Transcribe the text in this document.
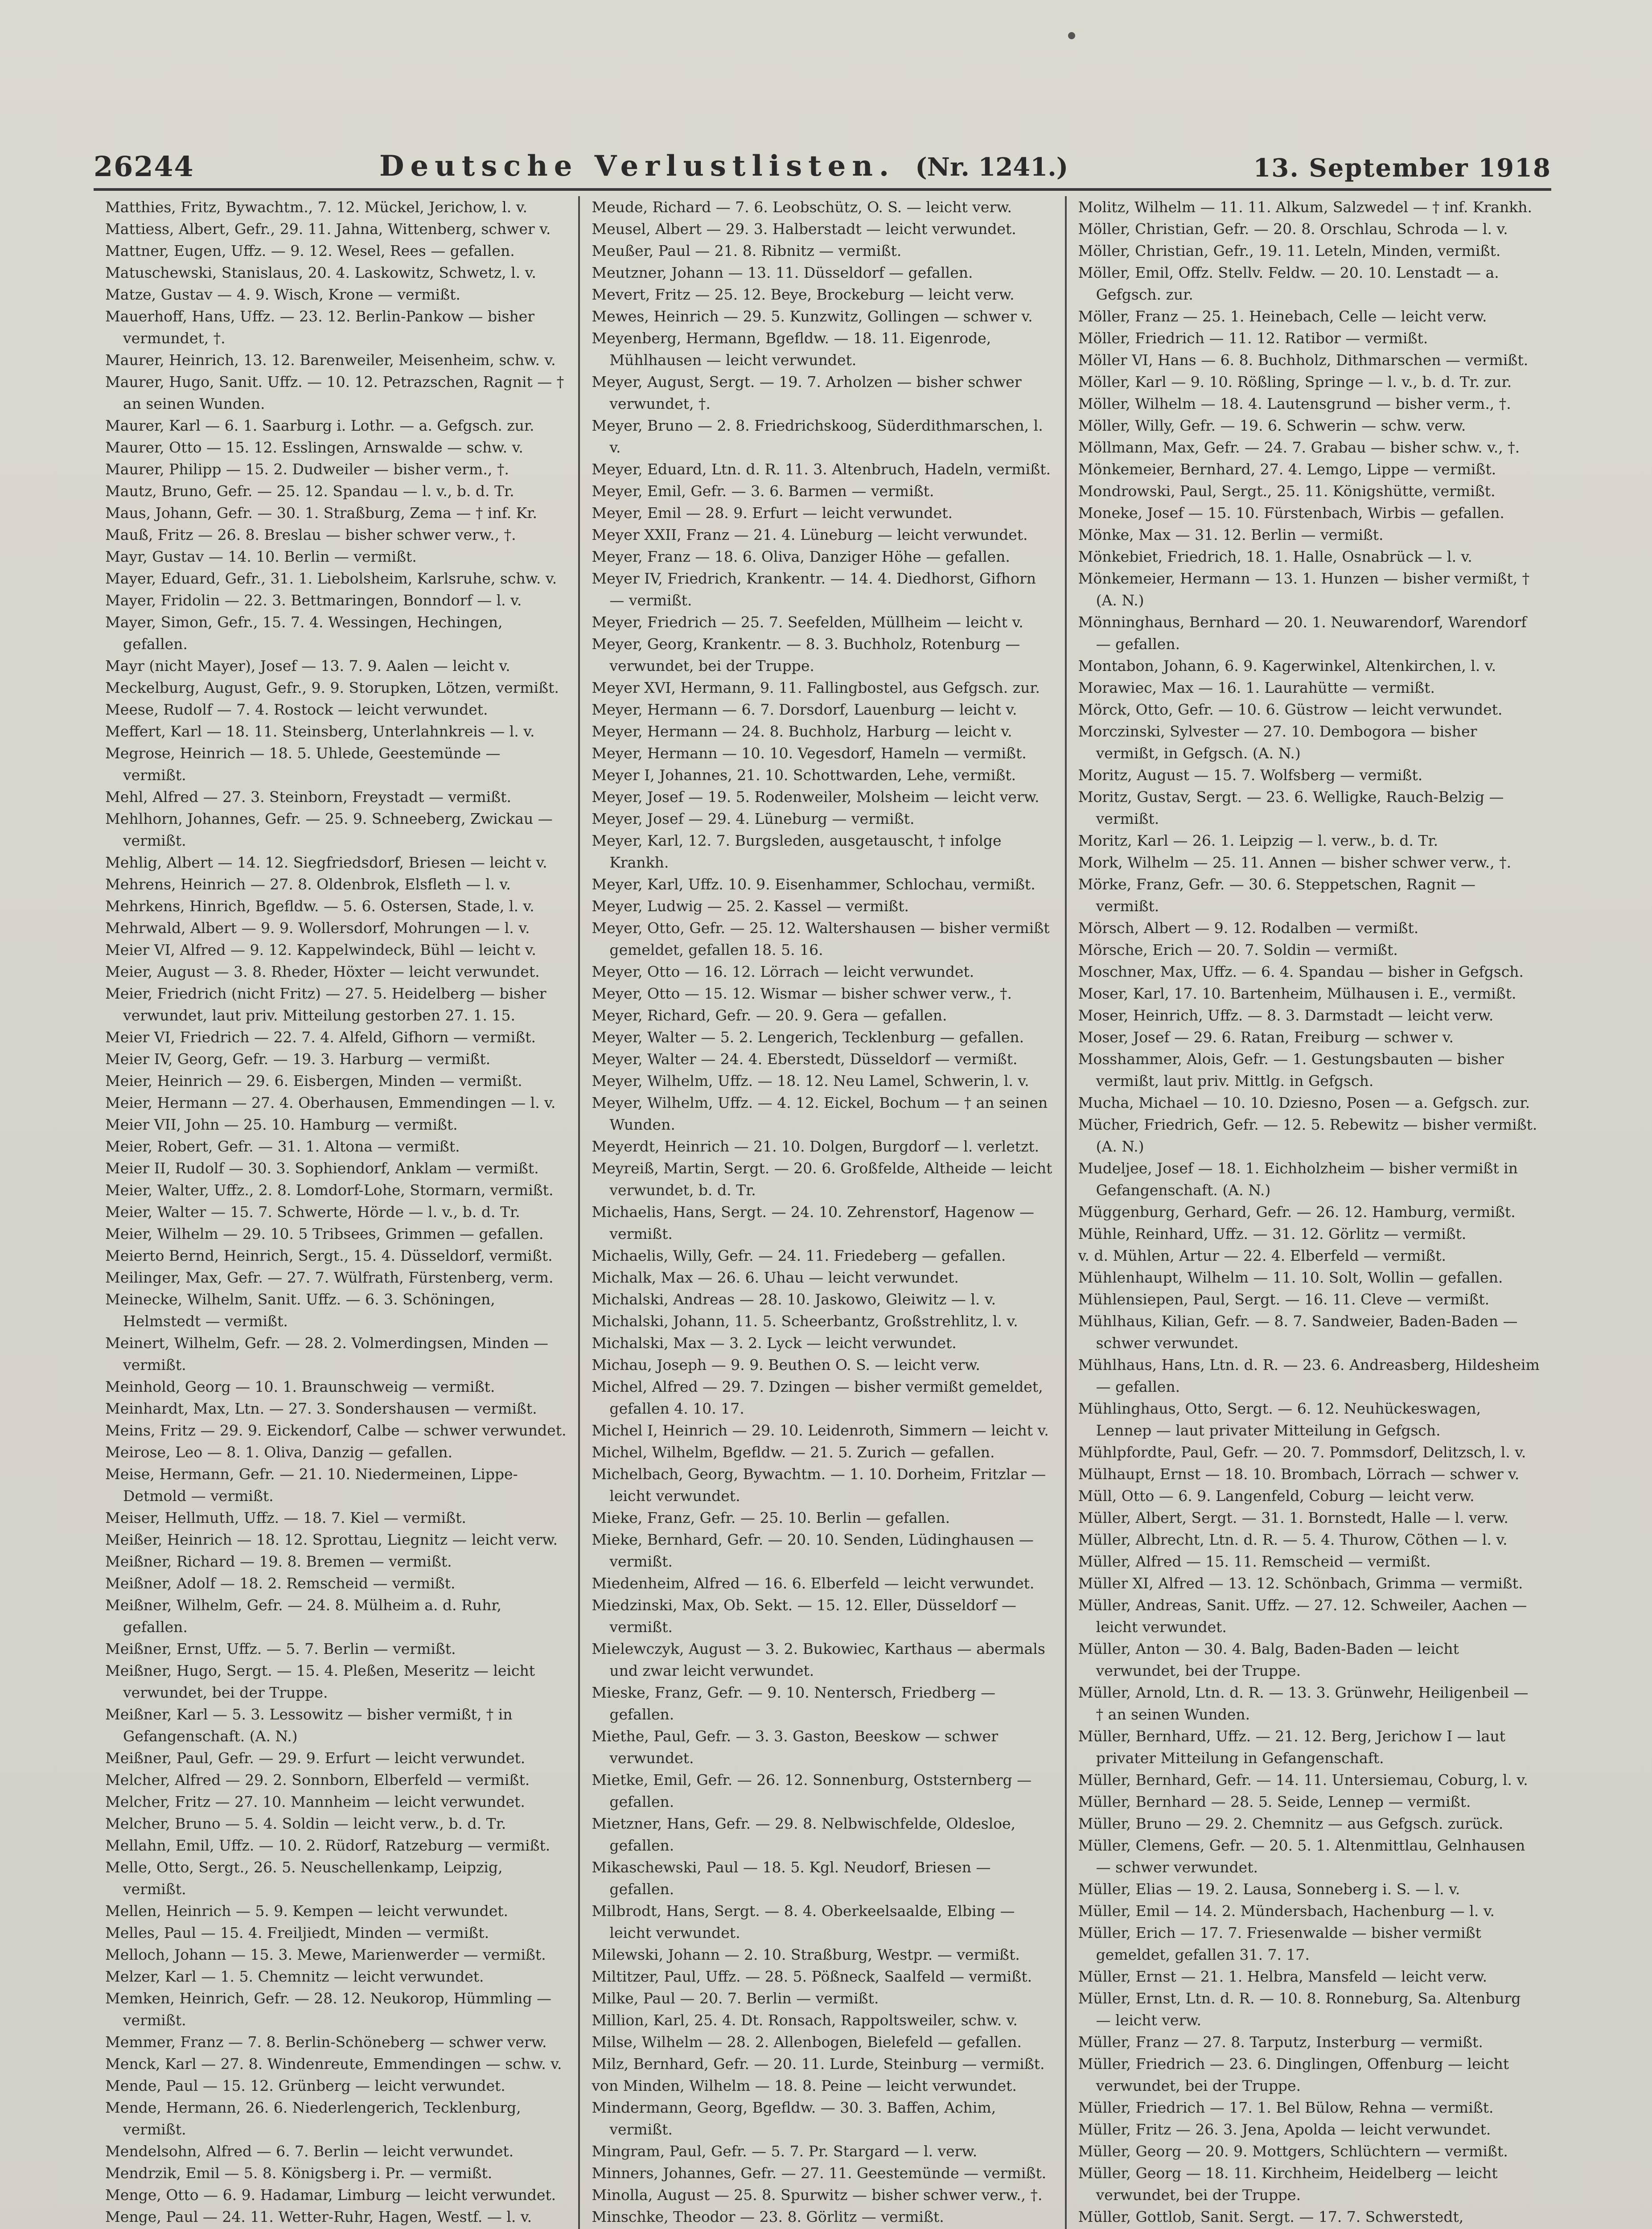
26244	Deutsche Verlustlisten. (Nr. 1241.)	13. September 1918
Matthies, Fritz, Bywachtm., 7. 12. Mückel, Jerichow, l. v.
Mattiess, Albert, Gefr., 29. 11. Jahna, Wittenberg, schwer v.
Mattner, Eugen, Uffz. — 9. 12. Wesel, Rees — gefallen.
Matuschewski, Stanislaus, 20. 4. Laskowitz, Schwetz, l. v.
Matze, Gustav — 4. 9. Wisch, Krone — vermißt.
Mauerhoff, Hans, Uffz. — 23. 12. Berlin-Pankow — bisher vermundet, †.
Maurer, Heinrich, 13. 12. Barenweiler, Meisenheim, schw. v.
Maurer, Hugo, Sanit. Uffz. — 10. 12. Petrazschen, Ragnit — † an seinen Wunden.
Maurer, Karl — 6. 1. Saarburg i. Lothr. — a. Gefgsch. zur.
Maurer, Otto — 15. 12. Esslingen, Arnswalde — schw. v.
Maurer, Philipp — 15. 2. Dudweiler — bisher verm., †.
Mautz, Bruno, Gefr. — 25. 12. Spandau — l. v., b. d. Tr.
Maus, Johann, Gefr. — 30. 1. Straßburg, Zema — † inf. Kr.
Mauß, Fritz — 26. 8. Breslau — bisher schwer verw., †.
Mayr, Gustav — 14. 10. Berlin — vermißt.
Mayer, Eduard, Gefr., 31. 1. Liebolsheim, Karlsruhe, schw. v.
Mayer, Fridolin — 22. 3. Bettmaringen, Bonndorf — l. v.
Mayer, Simon, Gefr., 15. 7. 4. Wessingen, Hechingen, gefallen.
Mayr (nicht Mayer), Josef — 13. 7. 9. Aalen — leicht v.
Meckelburg, August, Gefr., 9. 9. Storupken, Lötzen, vermißt.
Meese, Rudolf — 7. 4. Rostock — leicht verwundet.
Meffert, Karl — 18. 11. Steinsberg, Unterlahnkreis — l. v.
Megrose, Heinrich — 18. 5. Uhlede, Geestemünde — vermißt.
Mehl, Alfred — 27. 3. Steinborn, Freystadt — vermißt.
Mehlhorn, Johannes, Gefr. — 25. 9. Schneeberg, Zwickau — vermißt.
Mehlig, Albert — 14. 12. Siegfriedsdorf, Briesen — leicht v.
Mehrens, Heinrich — 27. 8. Oldenbrok, Elsfleth — l. v.
Mehrkens, Hinrich, Bgefldw. — 5. 6. Ostersen, Stade, l. v.
Mehrwald, Albert — 9. 9. Wollersdorf, Mohrungen — l. v.
Meier VI, Alfred — 9. 12. Kappelwindeck, Bühl — leicht v.
Meier, August — 3. 8. Rheder, Höxter — leicht verwundet.
Meier, Friedrich (nicht Fritz) — 27. 5. Heidelberg — bisher verwundet, laut priv. Mitteilung gestorben 27. 1. 15.
Meier VI, Friedrich — 22. 7. 4. Alfeld, Gifhorn — vermißt.
Meier IV, Georg, Gefr. — 19. 3. Harburg — vermißt.
Meier, Heinrich — 29. 6. Eisbergen, Minden — vermißt.
Meier, Hermann — 27. 4. Oberhausen, Emmendingen — l. v.
Meier VII, John — 25. 10. Hamburg — vermißt.
Meier, Robert, Gefr. — 31. 1. Altona — vermißt.
Meier II, Rudolf — 30. 3. Sophiendorf, Anklam — vermißt.
Meier, Walter, Uffz., 2. 8. Lomdorf-Lohe, Stormarn, vermißt.
Meier, Walter — 15. 7. Schwerte, Hörde — l. v., b. d. Tr.
Meier, Wilhelm — 29. 10. 5 Tribsees, Grimmen — gefallen.
Meierto Bernd, Heinrich, Sergt., 15. 4. Düsseldorf, vermißt.
Meilinger, Max, Gefr. — 27. 7. Wülfrath, Fürstenberg, verm.
Meinecke, Wilhelm, Sanit. Uffz. — 6. 3. Schöningen, Helmstedt — vermißt.
Meinert, Wilhelm, Gefr. — 28. 2. Volmerdingsen, Minden — vermißt.
Meinhold, Georg — 10. 1. Braunschweig — vermißt.
Meinhardt, Max, Ltn. — 27. 3. Sondershausen — vermißt.
Meins, Fritz — 29. 9. Eickendorf, Calbe — schwer verwundet.
Meirose, Leo — 8. 1. Oliva, Danzig — gefallen.
Meise, Hermann, Gefr. — 21. 10. Niedermeinen, Lippe-Detmold — vermißt.
Meiser, Hellmuth, Uffz. — 18. 7. Kiel — vermißt.
Meißer, Heinrich — 18. 12. Sprottau, Liegnitz — leicht verw.
Meißner, Richard — 19. 8. Bremen — vermißt.
Meißner, Adolf — 18. 2. Remscheid — vermißt.
Meißner, Wilhelm, Gefr. — 24. 8. Mülheim a. d. Ruhr, gefallen.
Meißner, Ernst, Uffz. — 5. 7. Berlin — vermißt.
Meißner, Hugo, Sergt. — 15. 4. Pleßen, Meseritz — leicht verwundet, bei der Truppe.
Meißner, Karl — 5. 3. Lessowitz — bisher vermißt, † in Gefangenschaft. (A. N.)
Meißner, Paul, Gefr. — 29. 9. Erfurt — leicht verwundet.
Melcher, Alfred — 29. 2. Sonnborn, Elberfeld — vermißt.
Melcher, Fritz — 27. 10. Mannheim — leicht verwundet.
Melcher, Bruno — 5. 4. Soldin — leicht verw., b. d. Tr.
Mellahn, Emil, Uffz. — 10. 2. Rüdorf, Ratzeburg — vermißt.
Melle, Otto, Sergt., 26. 5. Neuschellenkamp, Leipzig, vermißt.
Mellen, Heinrich — 5. 9. Kempen — leicht verwundet.
Melles, Paul — 15. 4. Freiljiedt, Minden — vermißt.
Melloch, Johann — 15. 3. Mewe, Marienwerder — vermißt.
Melzer, Karl — 1. 5. Chemnitz — leicht verwundet.
Memken, Heinrich, Gefr. — 28. 12. Neukorop, Hümmling — vermißt.
Memmer, Franz — 7. 8. Berlin-Schöneberg — schwer verw.
Menck, Karl — 27. 8. Windenreute, Emmendingen — schw. v.
Mende, Paul — 15. 12. Grünberg — leicht verwundet.
Mende, Hermann, 26. 6. Niederlengerich, Tecklenburg, vermißt.
Mendelsohn, Alfred — 6. 7. Berlin — leicht verwundet.
Mendrzik, Emil — 5. 8. Königsberg i. Pr. — vermißt.
Menge, Otto — 6. 9. Hadamar, Limburg — leicht verwundet.
Menge, Paul — 24. 11. Wetter-Ruhr, Hagen, Westf. — l. v.
Meude, Richard — 7. 6. Leobschütz, O. S. — leicht verw.
Meusel, Albert — 29. 3. Halberstadt — leicht verwundet.
Meußer, Paul — 21. 8. Ribnitz — vermißt.
Meutzner, Johann — 13. 11. Düsseldorf — gefallen.
Mevert, Fritz — 25. 12. Beye, Brockeburg — leicht verw.
Mewes, Heinrich — 29. 5. Kunzwitz, Gollingen — schwer v.
Meyenberg, Hermann, Bgefldw. — 18. 11. Eigenrode, Mühlhausen — leicht verwundet.
Meyer, August, Sergt. — 19. 7. Arholzen — bisher schwer verwundet, †.
Meyer, Bruno — 2. 8. Friedrichskoog, Süderdithmarschen, l. v.
Meyer, Eduard, Ltn. d. R. 11. 3. Altenbruch, Hadeln, vermißt.
Meyer, Emil, Gefr. — 3. 6. Barmen — vermißt.
Meyer, Emil — 28. 9. Erfurt — leicht verwundet.
Meyer XXII, Franz — 21. 4. Lüneburg — leicht verwundet.
Meyer, Franz — 18. 6. Oliva, Danziger Höhe — gefallen.
Meyer IV, Friedrich, Krankentr. — 14. 4. Diedhorst, Gifhorn — vermißt.
Meyer, Friedrich — 25. 7. Seefelden, Müllheim — leicht v.
Meyer, Georg, Krankentr. — 8. 3. Buchholz, Rotenburg — verwundet, bei der Truppe.
Meyer XVI, Hermann, 9. 11. Fallingbostel, aus Gefgsch. zur.
Meyer, Hermann — 6. 7. Dorsdorf, Lauenburg — leicht v.
Meyer, Hermann — 24. 8. Buchholz, Harburg — leicht v.
Meyer, Hermann — 10. 10. Vegesdorf, Hameln — vermißt.
Meyer I, Johannes, 21. 10. Schottwarden, Lehe, vermißt.
Meyer, Josef — 19. 5. Rodenweiler, Molsheim — leicht verw.
Meyer, Josef — 29. 4. Lüneburg — vermißt.
Meyer, Karl, 12. 7. Burgsleden, ausgetauscht, † infolge Krankh.
Meyer, Karl, Uffz. 10. 9. Eisenhammer, Schlochau, vermißt.
Meyer, Ludwig — 25. 2. Kassel — vermißt.
Meyer, Otto, Gefr. — 25. 12. Waltershausen — bisher vermißt gemeldet, gefallen 18. 5. 16.
Meyer, Otto — 16. 12. Lörrach — leicht verwundet.
Meyer, Otto — 15. 12. Wismar — bisher schwer verw., †.
Meyer, Richard, Gefr. — 20. 9. Gera — gefallen.
Meyer, Walter — 5. 2. Lengerich, Tecklenburg — gefallen.
Meyer, Walter — 24. 4. Eberstedt, Düsseldorf — vermißt.
Meyer, Wilhelm, Uffz. — 18. 12. Neu Lamel, Schwerin, l. v.
Meyer, Wilhelm, Uffz. — 4. 12. Eickel, Bochum — † an seinen Wunden.
Meyerdt, Heinrich — 21. 10. Dolgen, Burgdorf — l. verletzt.
Meyreiß, Martin, Sergt. — 20. 6. Großfelde, Altheide — leicht verwundet, b. d. Tr.
Michaelis, Hans, Sergt. — 24. 10. Zehrenstorf, Hagenow — vermißt.
Michaelis, Willy, Gefr. — 24. 11. Friedeberg — gefallen.
Michalk, Max — 26. 6. Uhau — leicht verwundet.
Michalski, Andreas — 28. 10. Jaskowo, Gleiwitz — l. v.
Michalski, Johann, 11. 5. Scheerbantz, Großstrehlitz, l. v.
Michalski, Max — 3. 2. Lyck — leicht verwundet.
Michau, Joseph — 9. 9. Beuthen O. S. — leicht verw.
Michel, Alfred — 29. 7. Dzingen — bisher vermißt gemeldet, gefallen 4. 10. 17.
Michel I, Heinrich — 29. 10. Leidenroth, Simmern — leicht v.
Michel, Wilhelm, Bgefldw. — 21. 5. Zurich — gefallen.
Michelbach, Georg, Bywachtm. — 1. 10. Dorheim, Fritzlar — leicht verwundet.
Mieke, Franz, Gefr. — 25. 10. Berlin — gefallen.
Mieke, Bernhard, Gefr. — 20. 10. Senden, Lüdinghausen — vermißt.
Miedenheim, Alfred — 16. 6. Elberfeld — leicht verwundet.
Miedzinski, Max, Ob. Sekt. — 15. 12. Eller, Düsseldorf — vermißt.
Mielewczyk, August — 3. 2. Bukowiec, Karthaus — abermals und zwar leicht verwundet.
Mieske, Franz, Gefr. — 9. 10. Nentersch, Friedberg — gefallen.
Miethe, Paul, Gefr. — 3. 3. Gaston, Beeskow — schwer verwundet.
Mietke, Emil, Gefr. — 26. 12. Sonnenburg, Oststernberg — gefallen.
Mietzner, Hans, Gefr. — 29. 8. Nelbwischfelde, Oldesloe, gefallen.
Mikaschewski, Paul — 18. 5. Kgl. Neudorf, Briesen — gefallen.
Milbrodt, Hans, Sergt. — 8. 4. Oberkeelsaalde, Elbing — leicht verwundet.
Milewski, Johann — 2. 10. Straßburg, Westpr. — vermißt.
Miltitzer, Paul, Uffz. — 28. 5. Pößneck, Saalfeld — vermißt.
Milke, Paul — 20. 7. Berlin — vermißt.
Million, Karl, 25. 4. Dt. Ronsach, Rappoltsweiler, schw. v.
Milse, Wilhelm — 28. 2. Allenbogen, Bielefeld — gefallen.
Milz, Bernhard, Gefr. — 20. 11. Lurde, Steinburg — vermißt.
von Minden, Wilhelm — 18. 8. Peine — leicht verwundet.
Mindermann, Georg, Bgefldw. — 30. 3. Baffen, Achim, vermißt.
Mingram, Paul, Gefr. — 5. 7. Pr. Stargard — l. verw.
Minners, Johannes, Gefr. — 27. 11. Geestemünde — vermißt.
Minolla, August — 25. 8. Spurwitz — bisher schwer verw., †.
Minschke, Theodor — 23. 8. Görlitz — vermißt.
Molitz, Wilhelm — 11. 11. Alkum, Salzwedel — † inf. Krankh.
Möller, Christian, Gefr. — 20. 8. Orschlau, Schroda — l. v.
Möller, Christian, Gefr., 19. 11. Leteln, Minden, vermißt.
Möller, Emil, Offz. Stellv. Feldw. — 20. 10. Lenstadt — a. Gefgsch. zur.
Möller, Franz — 25. 1. Heinebach, Celle — leicht verw.
Möller, Friedrich — 11. 12. Ratibor — vermißt.
Möller VI, Hans — 6. 8. Buchholz, Dithmarschen — vermißt.
Möller, Karl — 9. 10. Rößling, Springe — l. v., b. d. Tr. zur.
Möller, Wilhelm — 18. 4. Lautensgrund — bisher verm., †.
Möller, Willy, Gefr. — 19. 6. Schwerin — schw. verw.
Möllmann, Max, Gefr. — 24. 7. Grabau — bisher schw. v., †.
Mönkemeier, Bernhard, 27. 4. Lemgo, Lippe — vermißt.
Mondrowski, Paul, Sergt., 25. 11. Königshütte, vermißt.
Moneke, Josef — 15. 10. Fürstenbach, Wirbis — gefallen.
Mönke, Max — 31. 12. Berlin — vermißt.
Mönkebiet, Friedrich, 18. 1. Halle, Osnabrück — l. v.
Mönkemeier, Hermann — 13. 1. Hunzen — bisher vermißt, † (A. N.)
Mönninghaus, Bernhard — 20. 1. Neuwarendorf, Warendorf — gefallen.
Montabon, Johann, 6. 9. Kagerwinkel, Altenkirchen, l. v.
Morawiec, Max — 16. 1. Laurahütte — vermißt.
Mörck, Otto, Gefr. — 10. 6. Güstrow — leicht verwundet.
Morczinski, Sylvester — 27. 10. Dembogora — bisher vermißt, in Gefgsch. (A. N.)
Moritz, August — 15. 7. Wolfsberg — vermißt.
Moritz, Gustav, Sergt. — 23. 6. Welligke, Rauch-Belzig — vermißt.
Moritz, Karl — 26. 1. Leipzig — l. verw., b. d. Tr.
Mork, Wilhelm — 25. 11. Annen — bisher schwer verw., †.
Mörke, Franz, Gefr. — 30. 6. Steppetschen, Ragnit — vermißt.
Mörsch, Albert — 9. 12. Rodalben — vermißt.
Mörsche, Erich — 20. 7. Soldin — vermißt.
Moschner, Max, Uffz. — 6. 4. Spandau — bisher in Gefgsch.
Moser, Karl, 17. 10. Bartenheim, Mülhausen i. E., vermißt.
Moser, Heinrich, Uffz. — 8. 3. Darmstadt — leicht verw.
Moser, Josef — 29. 6. Ratan, Freiburg — schwer v.
Mosshammer, Alois, Gefr. — 1. Gestungsbauten — bisher vermißt, laut priv. Mittlg. in Gefgsch.
Mucha, Michael — 10. 10. Dziesno, Posen — a. Gefgsch. zur.
Mücher, Friedrich, Gefr. — 12. 5. Rebewitz — bisher vermißt. (A. N.)
Mudeljee, Josef — 18. 1. Eichholzheim — bisher vermißt in Gefangenschaft. (A. N.)
Müggenburg, Gerhard, Gefr. — 26. 12. Hamburg, vermißt.
Mühle, Reinhard, Uffz. — 31. 12. Görlitz — vermißt.
v. d. Mühlen, Artur — 22. 4. Elberfeld — vermißt.
Mühlenhaupt, Wilhelm — 11. 10. Solt, Wollin — gefallen.
Mühlensiepen, Paul, Sergt. — 16. 11. Cleve — vermißt.
Mühlhaus, Kilian, Gefr. — 8. 7. Sandweier, Baden-Baden — schwer verwundet.
Mühlhaus, Hans, Ltn. d. R. — 23. 6. Andreasberg, Hildesheim — gefallen.
Mühlinghaus, Otto, Sergt. — 6. 12. Neuhückeswagen, Lennep — laut privater Mitteilung in Gefgsch.
Mühlpfordte, Paul, Gefr. — 20. 7. Pommsdorf, Delitzsch, l. v.
Mülhaupt, Ernst — 18. 10. Brombach, Lörrach — schwer v.
Müll, Otto — 6. 9. Langenfeld, Coburg — leicht verw.
Müller, Albert, Sergt. — 31. 1. Bornstedt, Halle — l. verw.
Müller, Albrecht, Ltn. d. R. — 5. 4. Thurow, Cöthen — l. v.
Müller, Alfred — 15. 11. Remscheid — vermißt.
Müller XI, Alfred — 13. 12. Schönbach, Grimma — vermißt.
Müller, Andreas, Sanit. Uffz. — 27. 12. Schweiler, Aachen — leicht verwundet.
Müller, Anton — 30. 4. Balg, Baden-Baden — leicht verwundet, bei der Truppe.
Müller, Arnold, Ltn. d. R. — 13. 3. Grünwehr, Heiligenbeil — † an seinen Wunden.
Müller, Bernhard, Uffz. — 21. 12. Berg, Jerichow I — laut privater Mitteilung in Gefangenschaft.
Müller, Bernhard, Gefr. — 14. 11. Untersiemau, Coburg, l. v.
Müller, Bernhard — 28. 5. Seide, Lennep — vermißt.
Müller, Bruno — 29. 2. Chemnitz — aus Gefgsch. zurück.
Müller, Clemens, Gefr. — 20. 5. 1. Altenmittlau, Gelnhausen — schwer verwundet.
Müller, Elias — 19. 2. Lausa, Sonneberg i. S. — l. v.
Müller, Emil — 14. 2. Mündersbach, Hachenburg — l. v.
Müller, Erich — 17. 7. Friesenwalde — bisher vermißt gemeldet, gefallen 31. 7. 17.
Müller, Ernst — 21. 1. Helbra, Mansfeld — leicht verw.
Müller, Ernst, Ltn. d. R. — 10. 8. Ronneburg, Sa. Altenburg — leicht verw.
Müller, Franz — 27. 8. Tarputz, Insterburg — vermißt.
Müller, Friedrich — 23. 6. Dinglingen, Offenburg — leicht verwundet, bei der Truppe.
Müller, Friedrich — 17. 1. Bel Bülow, Rehna — vermißt.
Müller, Fritz — 26. 3. Jena, Apolda — leicht verwundet.
Müller, Georg — 20. 9. Mottgers, Schlüchtern — vermißt.
Müller, Georg — 18. 11. Kirchheim, Heidelberg — leicht verwundet, bei der Truppe.
Müller, Gottlob, Sanit. Sergt. — 17. 7. Schwerstedt,
